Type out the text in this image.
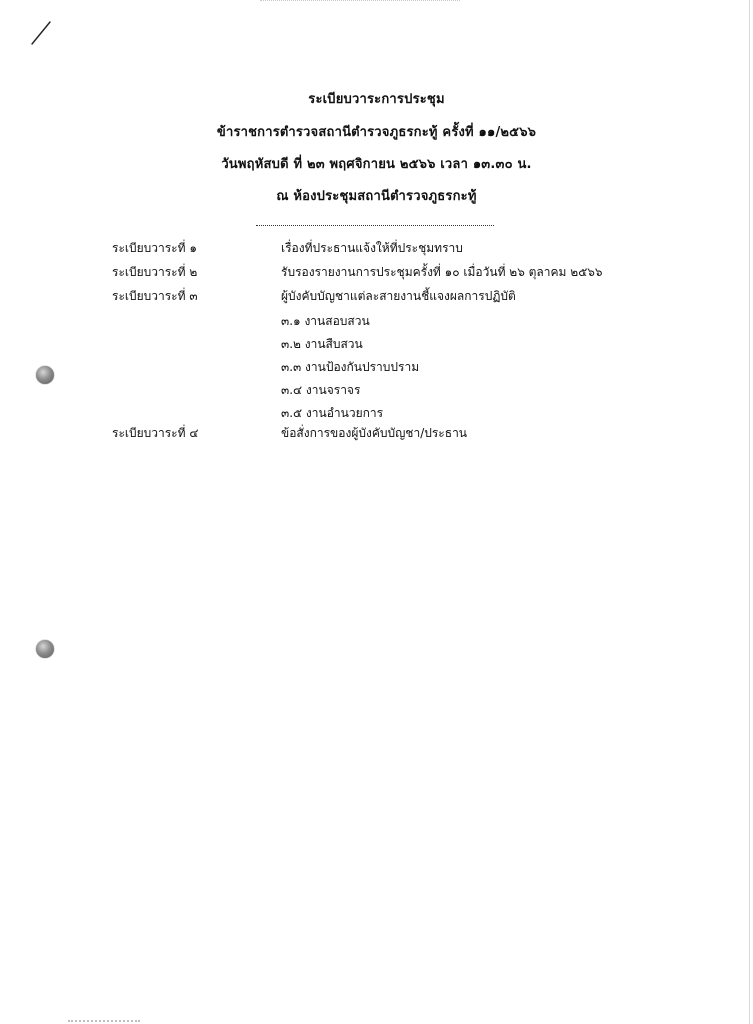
ระเบียบวาระการประชุม
ข้าราชการตำรวจสถานีตำรวจภูธรกะทู้ ครั้งที่ ๑๑/๒๕๖๖
วันพฤหัสบดี ที่ ๒๓ พฤศจิกายน ๒๕๖๖ เวลา ๑๓.๓๐ น.
ณ ห้องประชุมสถานีตำรวจภูธรกะทู้
ระเบียบวาระที่ ๑	เรื่องที่ประธานแจ้งให้ที่ประชุมทราบ
ระเบียบวาระที่ ๒	รับรองรายงานการประชุมครั้งที่ ๑๐ เมื่อวันที่ ๒๖ ตุลาคม ๒๕๖๖
ระเบียบวาระที่ ๓	ผู้บังคับบัญชาแต่ละสายงานชี้แจงผลการปฏิบัติ
๓.๑ งานสอบสวน
๓.๒ งานสืบสวน
๓.๓ งานป้องกันปราบปราม
๓.๔ งานจราจร
๓.๕ งานอำนวยการ
ระเบียบวาระที่ ๔	ข้อสั่งการของผู้บังคับบัญชา/ประธาน
